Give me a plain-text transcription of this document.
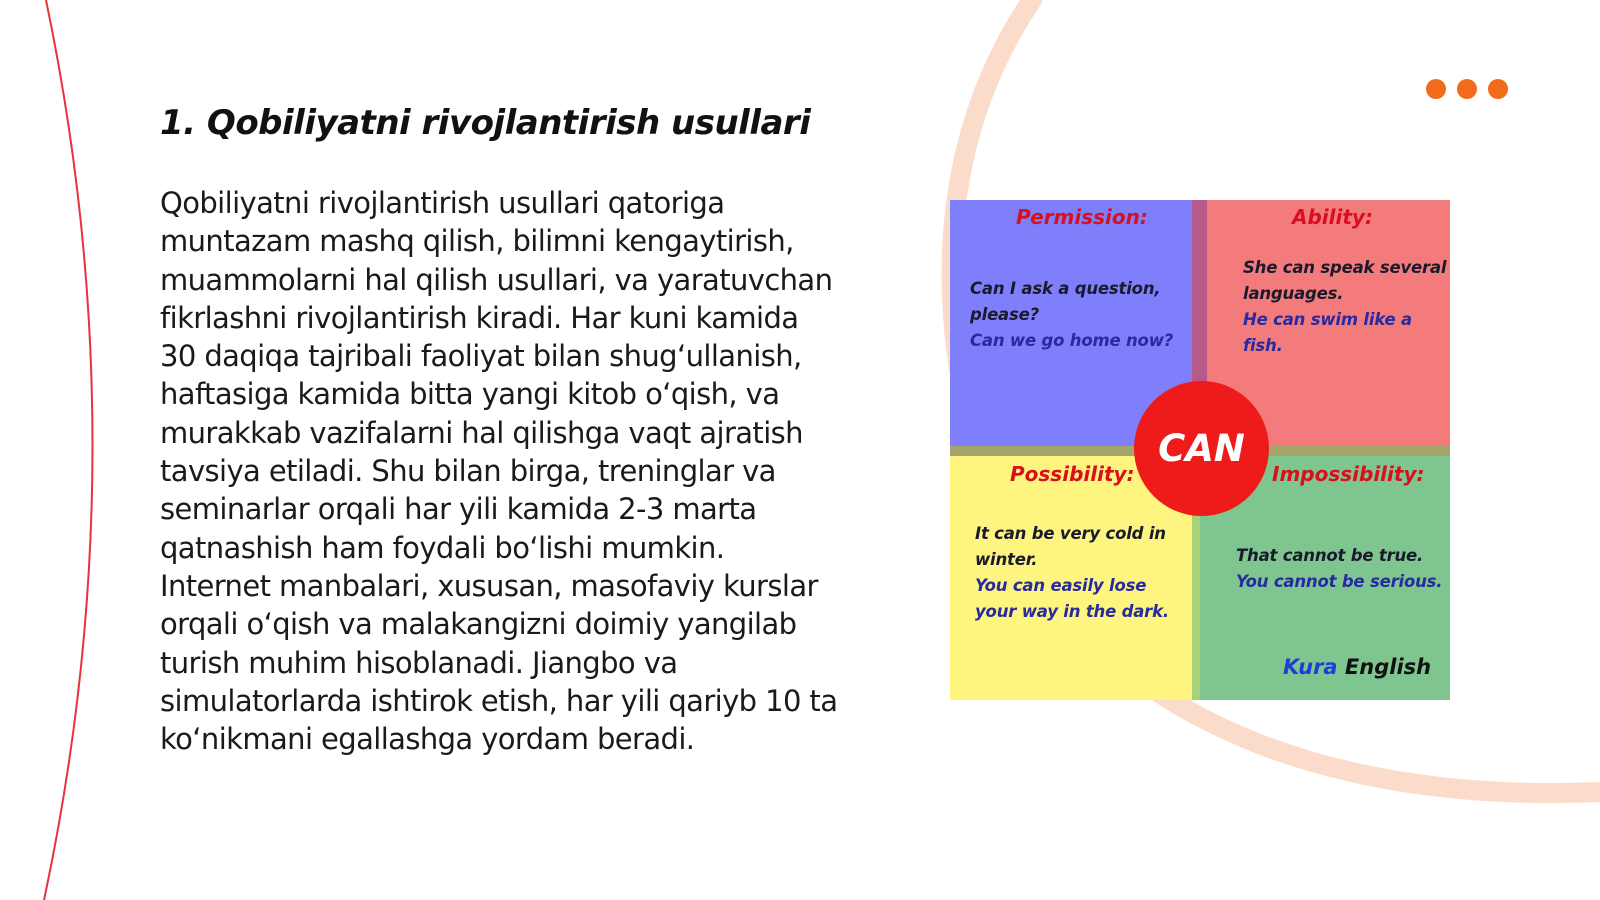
1. Qobiliyatni rivojlantirish usullari

Qobiliyatni rivojlantirish usullari qatoriga muntazam mashq qilish, bilimni kengaytirish, muammolarni hal qilish usullari, va yaratuvchan fikrlashni rivojlantirish kiradi. Har kuni kamida 30 daqiqa tajribali faoliyat bilan shug‘ullanish, haftasiga kamida bitta yangi kitob o‘qish, va murakkab vazifalarni hal qilishga vaqt ajratish tavsiya etiladi. Shu bilan birga, treninglar va seminarlar orqali har yili kamida 2-3 marta qatnashish ham foydali bo‘lishi mumkin. Internet manbalari, xususan, masofaviy kurslar orqali o‘qish va malakangizni doimiy yangilab turish muhim hisoblanadi. Jiangbo va simulatorlarda ishtirok etish, har yili qariyb 10 ta ko‘nikmani egallashga yordam beradi.

Permission:

Can I ask a question,

please?

Can we go home now?

Ability:

She can speak several

languages.

He can swim like a

fish.

Possibility:

It can be very cold in

winter.

You can easily lose

your way in the dark.

Impossibility:

That cannot be true.

You cannot be serious.

CAN
Kura English
